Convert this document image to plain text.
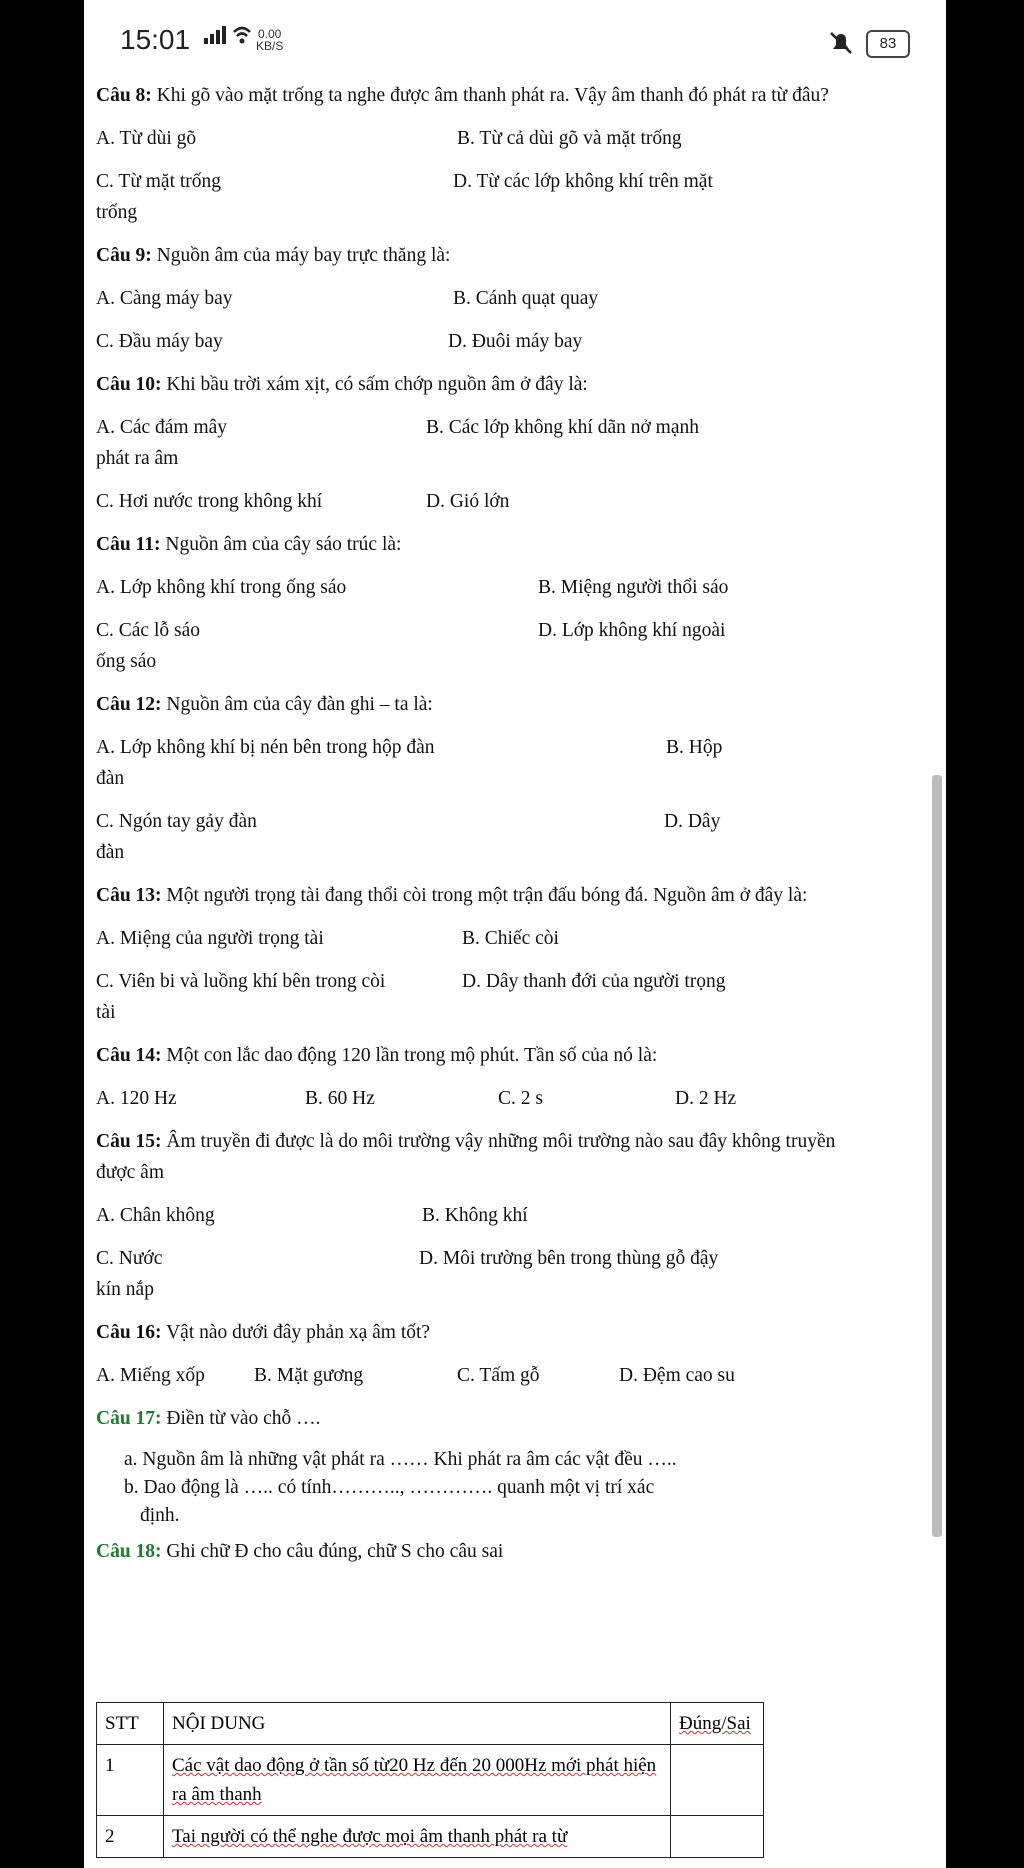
15:01	0.00
KB/S	83
Câu 8: Khi gõ vào mặt trống ta nghe được âm thanh phát ra. Vậy âm thanh đó phát ra từ đâu?
A. Từ dùi gõ	B. Từ cả dùi gõ và mặt trống
C. Từ mặt trống	D. Từ các lớp không khí trên mặt
trống
Câu 9: Nguồn âm của máy bay trực thăng là:
A. Càng máy bay	B. Cánh quạt quay
C. Đầu máy bay	D. Đuôi máy bay
Câu 10: Khi bầu trời xám xịt, có sấm chớp nguồn âm ở đây là:
A. Các đám mây	B. Các lớp không khí dãn nở mạnh
phát ra âm
C. Hơi nước trong không khí	D. Gió lớn
Câu 11: Nguồn âm của cây sáo trúc là:
A. Lớp không khí trong ống sáo	B. Miệng người thổi sáo
C. Các lỗ sáo	D. Lớp không khí ngoài
ống sáo
Câu 12: Nguồn âm của cây đàn ghi – ta là:
A. Lớp không khí bị nén bên trong hộp đàn	B. Hộp
đàn
C. Ngón tay gảy đàn	D. Dây
đàn
Câu 13: Một người trọng tài đang thổi còi trong một trận đấu bóng đá. Nguồn âm ở đây là:
A. Miệng của người trọng tài	B. Chiếc còi
C. Viên bi và luồng khí bên trong còi	D. Dây thanh đới của người trọng
tài
Câu 14: Một con lắc dao động 120 lần trong mộ phút. Tần số của nó là:
A. 120 Hz	B. 60 Hz	C. 2 s	D. 2 Hz
Câu 15: Âm truyền đi được là do môi trường vậy những môi trường nào sau đây không truyền được âm
A. Chân không	B. Không khí
C. Nước	D. Môi trường bên trong thùng gỗ đậy
kín nắp
Câu 16: Vật nào dưới đây phản xạ âm tốt?
A. Miếng xốp	B. Mặt gương	C. Tấm gỗ	D. Đệm cao su
Câu 17: Điền từ vào chỗ ….
a. Nguồn âm là những vật phát ra …… Khi phát ra âm các vật đều …..
b. Dao động là ….. có tính……….., …………. quanh một vị trí xác
định.
Câu 18: Ghi chữ Đ cho câu đúng, chữ S cho câu sai
STT	NỘI DUNG	Đúng/Sai
1	Các vật dao động ở tần số từ20 Hz đến 20 000Hz mới phát hiện ra âm thanh	
2	Tai người có thể nghe được mọi âm thanh phát ra từ	
